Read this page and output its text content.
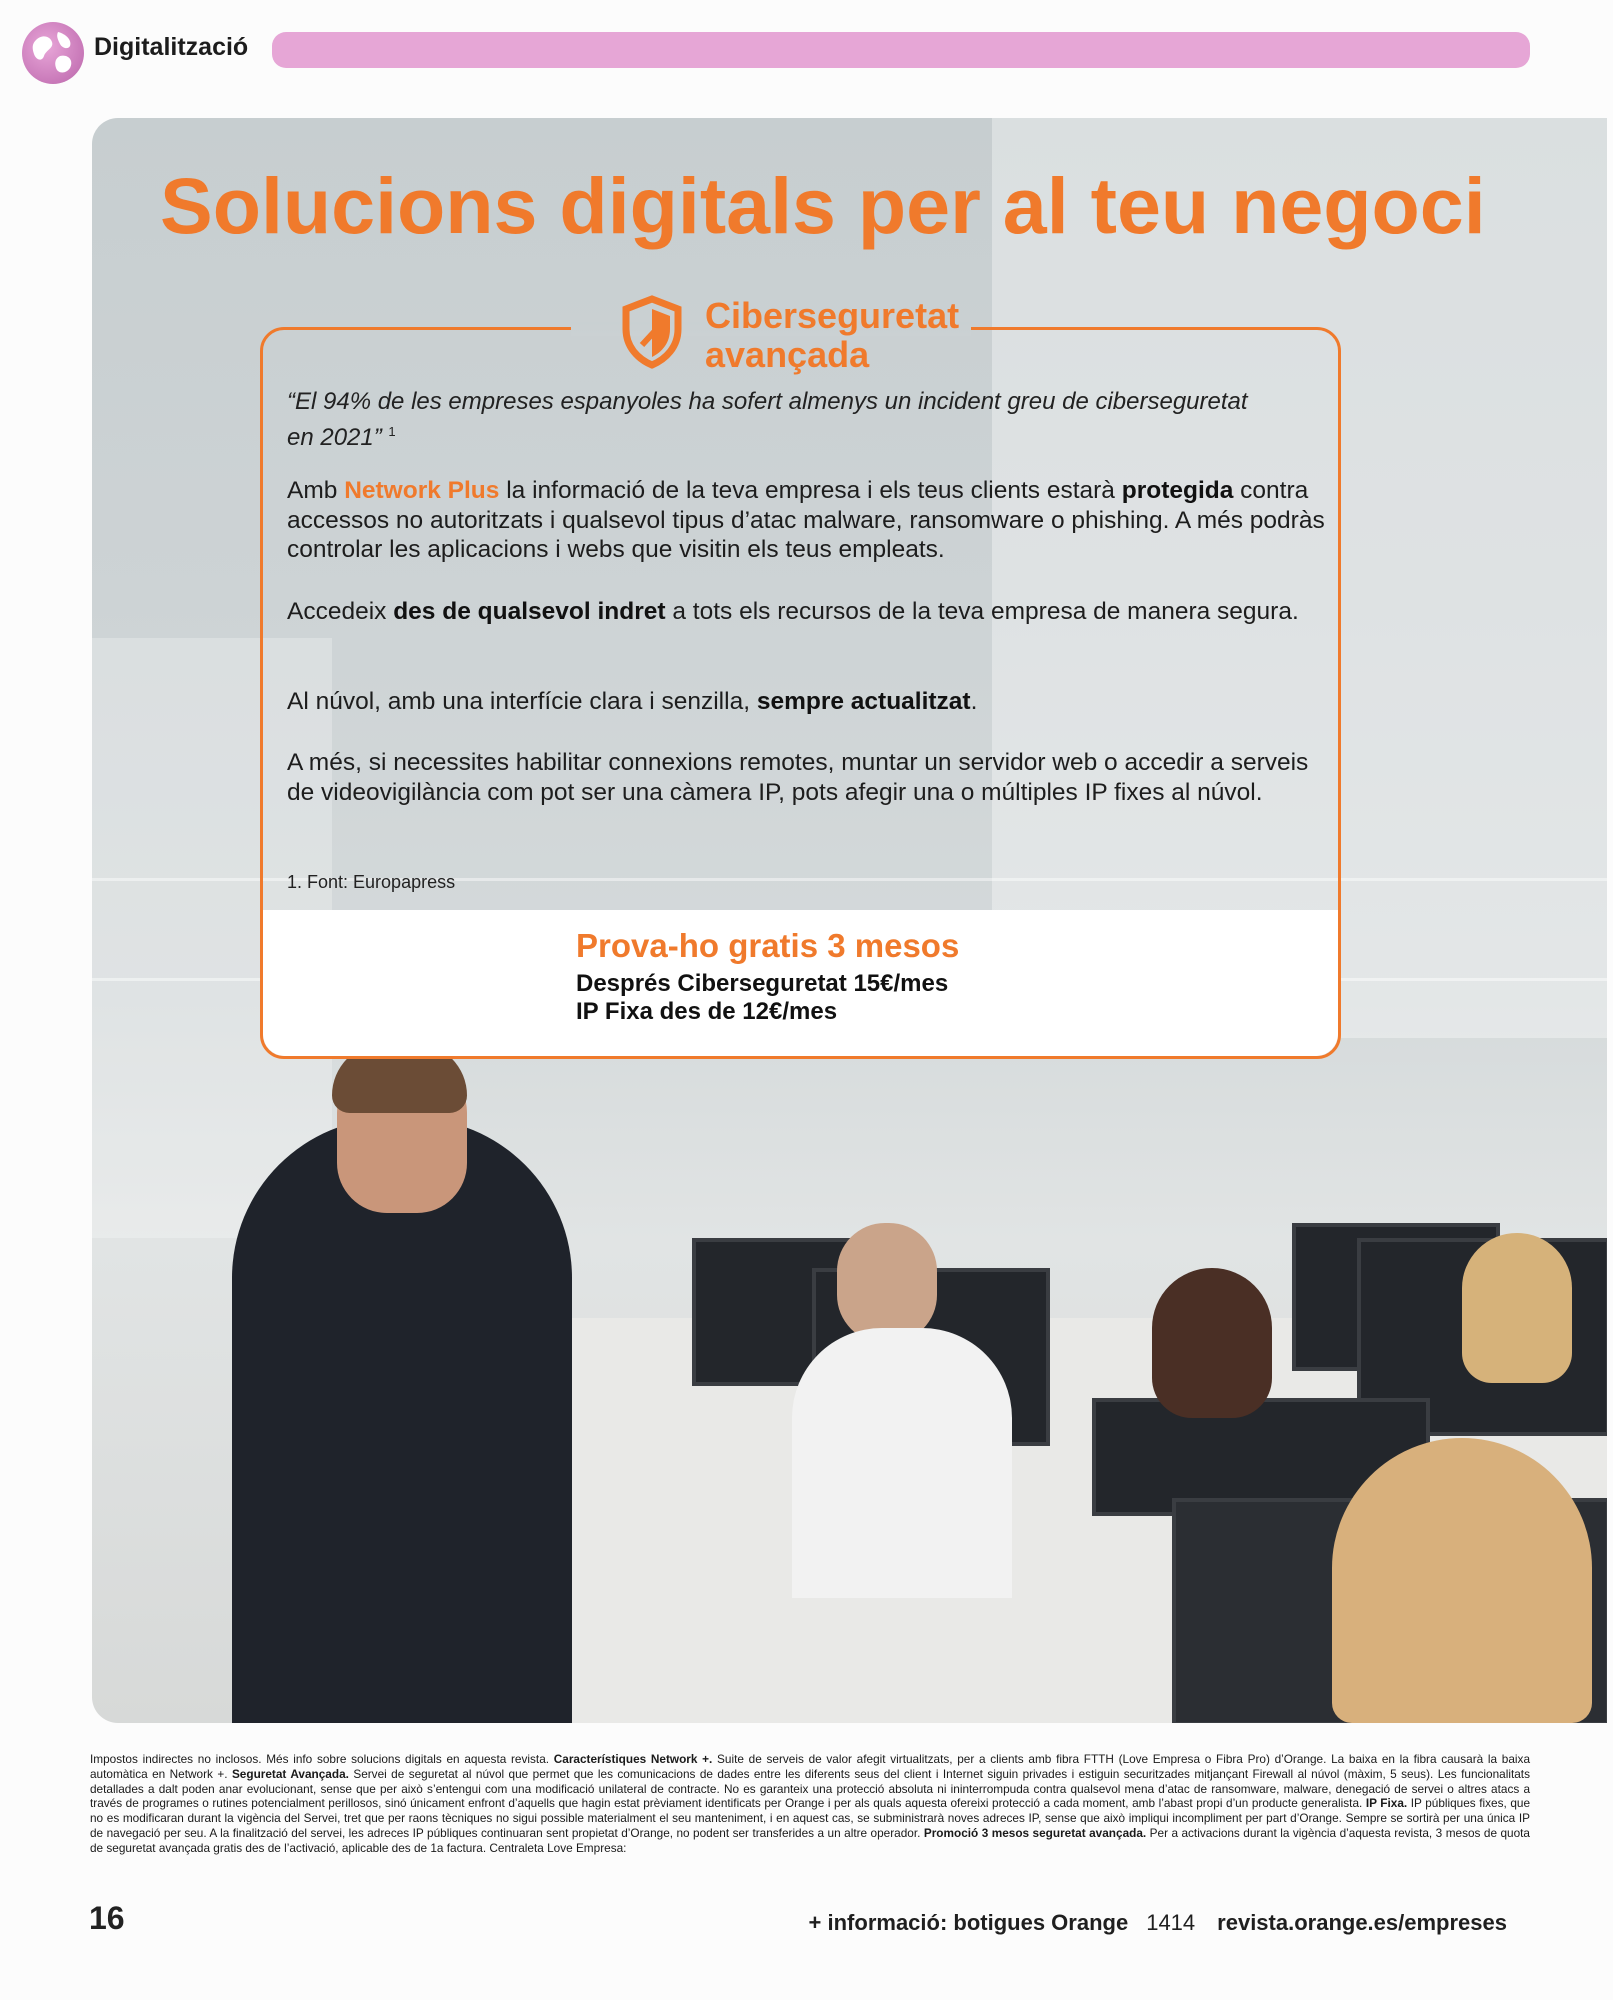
Digitalització
Solucions digitals per al teu negoci
Ciberseguretat
avançada
“El 94% de les empreses espanyoles ha sofert almenys un incident greu de ciberseguretat en 2021” $^1$
Amb Network Plus la informació de la teva empresa i els teus clients estarà protegida contra accessos no autoritzats i qualsevol tipus d’atac malware, ransomware o phishing. A més podràs controlar les aplicacions i webs que visitin els teus empleats.
Accedeix des de qualsevol indret a tots els recursos de la teva empresa de manera segura.
Al núvol, amb una interfície clara i senzilla, sempre actualitzat.
A més, si necessites habilitar connexions remotes, muntar un servidor web o accedir a serveis de videovigilància com pot ser una càmera IP, pots afegir una o múltiples IP fixes al núvol.
1. Font: Europapress
Prova-ho gratis 3 mesos
Després Ciberseguretat 15€/mes
IP Fixa des de 12€/mes
Impostos indirectes no inclosos. Més info sobre solucions digitals en aquesta revista. Característiques Network +. Suite de serveis de valor afegit virtualitzats, per a clients amb fibra FTTH (Love Empresa o Fibra Pro) d’Orange. La baixa en la fibra causarà la baixa automàtica en Network +. Seguretat Avançada. Servei de seguretat al núvol que permet que les comunicacions de dades entre les diferents seus del client i Internet siguin privades i estiguin securitzades mitjançant Firewall al núvol (màxim, 5 seus). Les funcionalitats detallades a dalt poden anar evolucionant, sense que per això s’entengui com una modificació unilateral de contracte. No es garanteix una protecció absoluta ni ininterrompuda contra qualsevol mena d’atac de ransomware, malware, denegació de servei o altres atacs a través de programes o rutines potencialment perillosos, sinó únicament enfront d’aquells que hagin estat prèviament identificats per Orange i per als quals aquesta ofereixi protecció a cada moment, amb l’abast propi d’un producte generalista. IP Fixa. IP públiques fixes, que no es modificaran durant la vigència del Servei, tret que per raons tècniques no sigui possible materialment el seu manteniment, i en aquest cas, se subministrarà noves adreces IP, sense que això impliqui incompliment per part d’Orange. Sempre se sortirà per una única IP de navegació per seu. A la finalització del servei, les adreces IP públiques continuaran sent propietat d’Orange, no podent ser transferides a un altre operador. Promoció 3 mesos seguretat avançada. Per a activacions durant la vigència d’aquesta revista, 3 mesos de quota de seguretat avançada gratis des de l’activació, aplicable des de 1a factura. Centraleta Love Empresa:
16	+ informació: botigues Orange 1414 revista.orange.es/empreses
